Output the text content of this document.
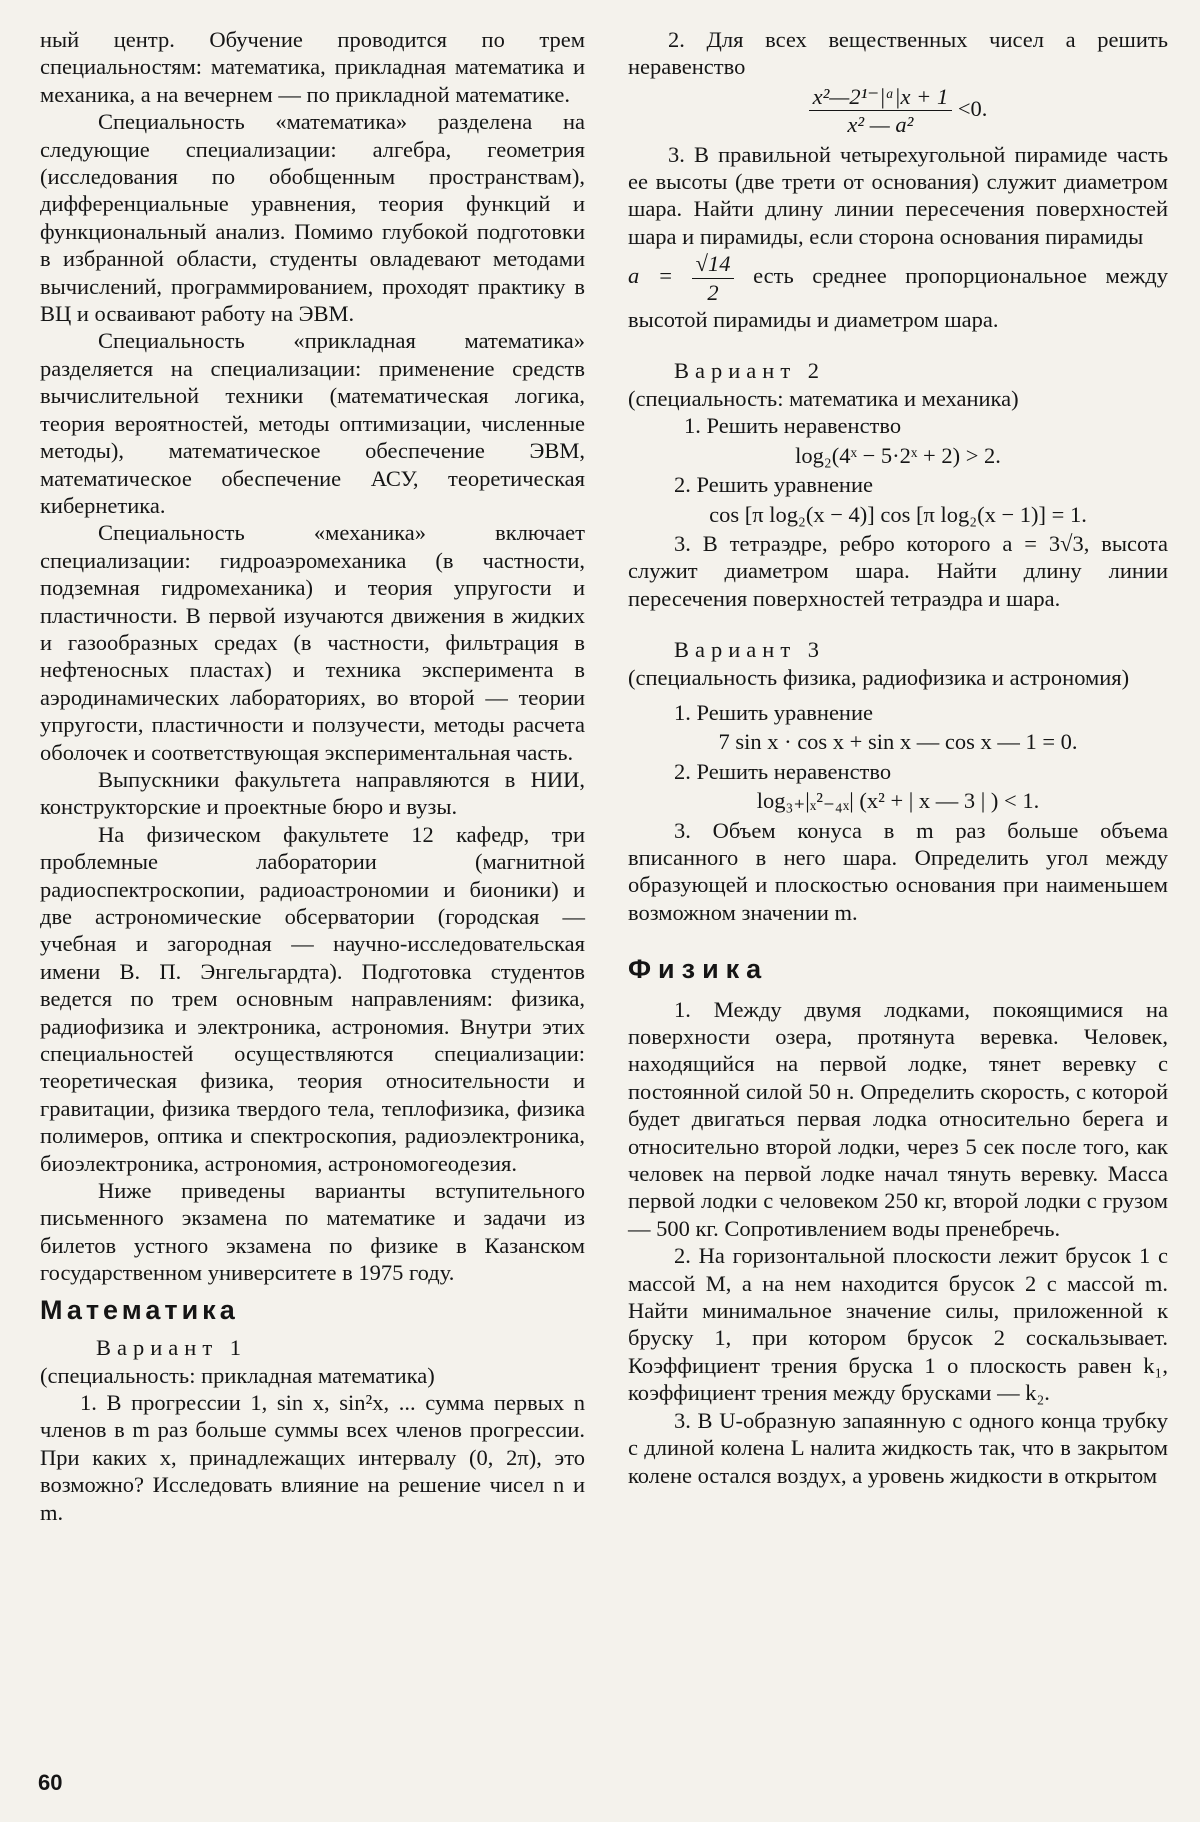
ный центр. Обучение проводится по трем специальностям: математика, прикладная математика и механика, а на вечернем — по прикладной математике.

Специальность «математика» разделена на следующие специализации: алгебра, геометрия (исследования по обобщенным пространствам), дифференциальные уравнения, теория функций и функциональный анализ. Помимо глубокой подготовки в избранной области, студенты овладевают методами вычислений, программированием, проходят практику в ВЦ и осваивают работу на ЭВМ.

Специальность «прикладная математика» разделяется на специализации: применение средств вычислительной техники (математическая логика, теория вероятностей, методы оптимизации, численные методы), математическое обеспечение ЭВМ, математическое обеспечение АСУ, теоретическая кибернетика.

Специальность «механика» включает специализации: гидроаэромеханика (в частности, подземная гидромеханика) и теория упругости и пластичности. В первой изучаются движения в жидких и газообразных средах (в частности, фильтрация в нефтеносных пластах) и техника эксперимента в аэродинамических лабораториях, во второй — теории упругости, пластичности и ползучести, методы расчета оболочек и соответствующая экспериментальная часть.

Выпускники факультета направляются в НИИ, конструкторские и проектные бюро и вузы.

На физическом факультете 12 кафедр, три проблемные лаборатории (магнитной радиоспектроскопии, радиоастрономии и бионики) и две астрономические обсерватории (городская — учебная и загородная — научно-исследовательская имени В. П. Энгельгардта). Подготовка студентов ведется по трем основным направлениям: физика, радиофизика и электроника, астрономия. Внутри этих специальностей осуществляются специализации: теоретическая физика, теория относительности и гравитации, физика твердого тела, теплофизика, физика полимеров, оптика и спектроскопия, радиоэлектроника, биоэлектроника, астрономия, астрономогеодезия.

Ниже приведены варианты вступительного письменного экзамена по математике и задачи из билетов устного экзамена по физике в Казанском государственном университете в 1975 году.

Математика
Вариант 1
(специальность: прикладная математика)

1. В прогрессии 1, sin x, sin²x, ... сумма первых n членов в m раз больше суммы всех членов прогрессии. При каких x, принадлежащих интервалу (0, 2π), это возможно? Исследовать влияние на решение чисел n и m.

2. Для всех вещественных чисел a решить неравенство

$\frac{\text{x²—2¹⁻|ᵃ|x + 1}}{\text{x² — a²}} <0$.

3. В правильной четырехугольной пирамиде часть ее высоты (две трети от основания) служит диаметром шара. Найти длину линии пересечения поверхностей шара и пирамиды, если сторона основания пирамиды

$a = \frac{√14}{2}$ есть среднее пропорциональное между высотой пирамиды и диаметром шара.
Вариант 2
(специальность: математика и механика)

1. Решить неравенство

log₂(4ˣ − 5·2ˣ + 2) > 2.

2. Решить уравнение

cos [π log₂(x − 4)] cos [π log₂(x − 1)] = 1.

3. В тетраэдре, ребро которого a = 3√3, высота служит диаметром шара. Найти длину линии пересечения поверхностей тетраэдра и шара.

Вариант 3
(специальность физика, радиофизика и астрономия)

1. Решить уравнение

7 sin x · cos x + sin x — cos x — 1 = 0.

2. Решить неравенство

log₃₊|ₓ²₋₄ₓ| (x² + | x — 3 | ) < 1.

3. Объем конуса в m раз больше объема вписанного в него шара. Определить угол между образующей и плоскостью основания при наименьшем возможном значении m.

Физика

1. Между двумя лодками, покоящимися на поверхности озера, протянута веревка. Человек, находящийся на первой лодке, тянет веревку с постоянной силой 50 н. Определить скорость, с которой будет двигаться первая лодка относительно берега и относительно второй лодки, через 5 сек после того, как человек на первой лодке начал тянуть веревку. Масса первой лодки с человеком 250 кг, второй лодки с грузом — 500 кг. Сопротивлением воды пренебречь.

2. На горизонтальной плоскости лежит брусок 1 с массой M, а на нем находится брусок 2 с массой m. Найти минимальное значение силы, приложенной к бруску 1, при котором брусок 2 соскальзывает. Коэффициент трения бруска 1 о плоскость равен k₁, коэффициент трения между брусками — k₂.

3. В U-образную запаянную с одного конца трубку с длиной колена L налита жидкость так, что в закрытом колене остался воздух, а уровень жидкости в открытом

60
